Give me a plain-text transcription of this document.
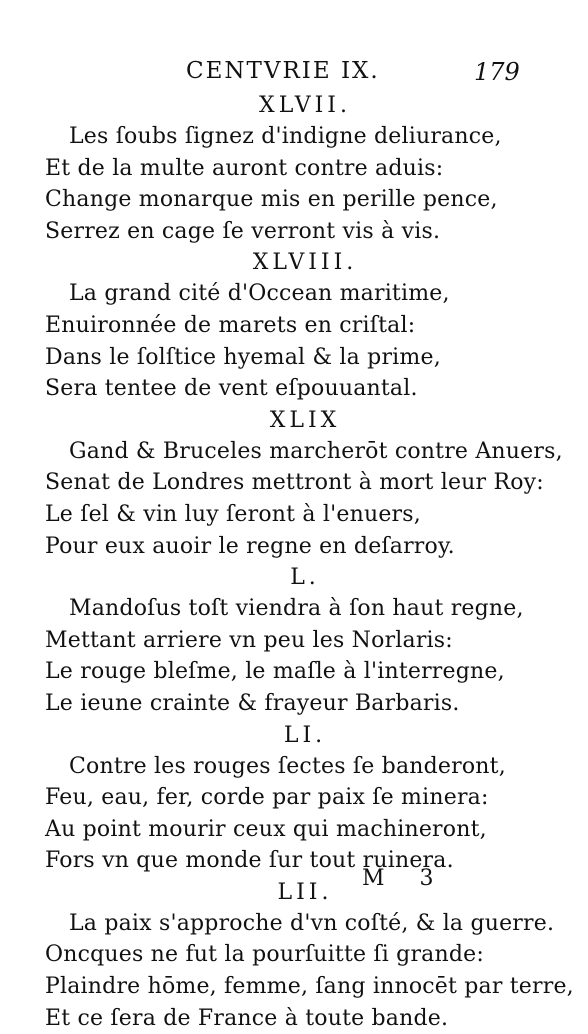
CENTVRIE IX.	179
XLVII.
Les ſoubs ſignez d'indigne deliurance,
Et de la multe auront contre aduis:
Change monarque mis en perille pence,
Serrez en cage ſe verront vis à vis.
XLVIII.
La grand cité d'Occean maritime,
Enuironnée de marets en criſtal:
Dans le ſolſtice hyemal & la prime,
Sera tentee de vent eſpouuantal.
XLIX
Gand & Bruceles marcherōt contre Anuers,
Senat de Londres mettront à mort leur Roy:
Le ſel & vin luy ſeront à l'enuers,
Pour eux auoir le regne en deſarroy.
L.
Mandoſus toſt viendra à ſon haut regne,
Mettant arriere vn peu les Norlaris:
Le rouge bleſme, le maſle à l'interregne,
Le ieune crainte & frayeur Barbaris.
LI.
Contre les rouges ſectes ſe banderont,
Feu, eau, fer, corde par paix ſe minera:
Au point mourir ceux qui machineront,
Fors vn que monde ſur tout ruinera.
LII.
La paix s'approche d'vn coſté, & la guerre.
Oncques ne fut la pourſuitte ſi grande:
Plaindre hōme, femme, ſang innocēt par terre,
Et ce ſera de France à toute bande.
M 3
